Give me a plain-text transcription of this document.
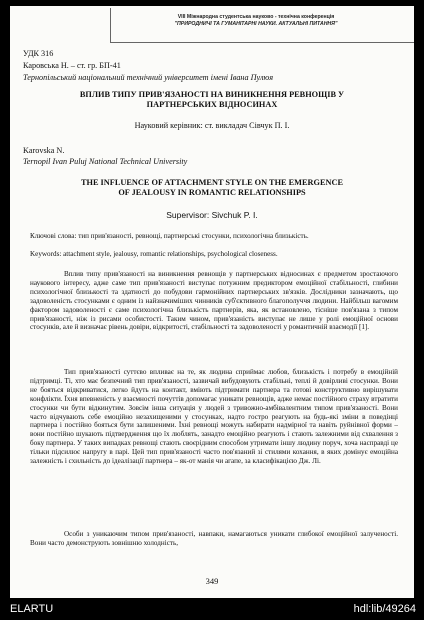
VIII Міжнародна студентська науково - технічна конференція
"ПРИРОДНИЧІ ТА ГУМАНІТАРНІ НАУКИ. АКТУАЛЬНІ ПИТАННЯ"
УДК 316
Каровська Н. – ст. гр. БП-41
Тернопільський національний технічний університет імені Івана Пулюя
ВПЛИВ ТИПУ ПРИВ'ЯЗАНОСТІ НА ВИНИКНЕННЯ РЕВНОЩІВ У
ПАРТНЕРСЬКИХ ВІДНОСИНАХ
Науковий керівник: ст. викладач Сівчук П. І.
Karovska N.
Ternopil Ivan Puluj National Technical University
THE INFLUENCE OF ATTACHMENT STYLE ON THE EMERGENCE
OF JEALOUSY IN ROMANTIC RELATIONSHIPS
Supervisor: Sivchuk P. I.

Ключові слова: тип прив'язаності, ревнощі, партнерські стосунки, психологічна близькість.

Keywords: attachment style, jealousy, romantic relationships, psychological closeness.

Вплив типу прив'язаності на виникнення ревнощів у партнерських відносинах є предметом зростаючого наукового інтересу, адже саме тип прив'язаності виступає потужним предиктором емоційної стабільності, глибини психологічної близькості та здатності до побудови гармонійних партнерських зв'язків. Дослідники зазначають, що задоволеність стосунками є одним із найзначиміших чинників суб'єктивного благополуччя людини. Найбільш вагомим фактором задоволеності є саме психологічна близькість партнерів, яка, як встановлено, тісніше пов'язана з типом прив'язаності, ніж із рисами особистості. Таким чином, прив'язаність виступає не лише у ролі емоційної основи стосунків, але й визначає рівень довіри, відкритості, стабільності та задоволеності у романтичній взаємодії [1].

Тип прив'язаності суттєво впливає на те, як людина сприймає любов, близькість і потребу в емоційній підтримці. Ті, хто має безпечний тип прив'язаності, зазвичай вибудовують стабільні, теплі й довірливі стосунки. Вони не бояться відкриватися, легко йдуть на контакт, вміють підтримати партнера та готові конструктивно вирішувати конфлікти. Їхня впевненість у взаємності почуттів допомагає уникати ревнощів, адже немає постійного страху втратити стосунки чи бути відкинутим. Зовсім інша ситуація у людей з тривожно-амбівалентним типом прив'язаності. Вони часто відчувають себе емоційно незахищеними у стосунках, надто гостро реагують на будь-які зміни в поведінці партнера і постійно бояться бути залишеними. Їхні ревнощі можуть набирати надмірної та навіть руйнівної форми – вони постійно шукають підтвердження що їх люблять, занадто емоційно реагують і стають залежними від схвалення з боку партнера. У таких випадках ревнощі стають своєрідним способом утримати іншу людину поруч, хоча насправді це тільки підсилює напругу в парі. Цей тип прив'язаності часто пов'язаний зі стилями кохання, в яких домінує емоційна залежність і схильність до ідеалізації партнера – як-от манія чи агапе, за класифікацією Дж. Лі.

Особи з уникаючим типом прив'язаності, навпаки, намагаються уникати глибокої емоційної залученості. Вони часто демонструють зовнішню холодність,

349
ELARTU	hdl:lib/49264
